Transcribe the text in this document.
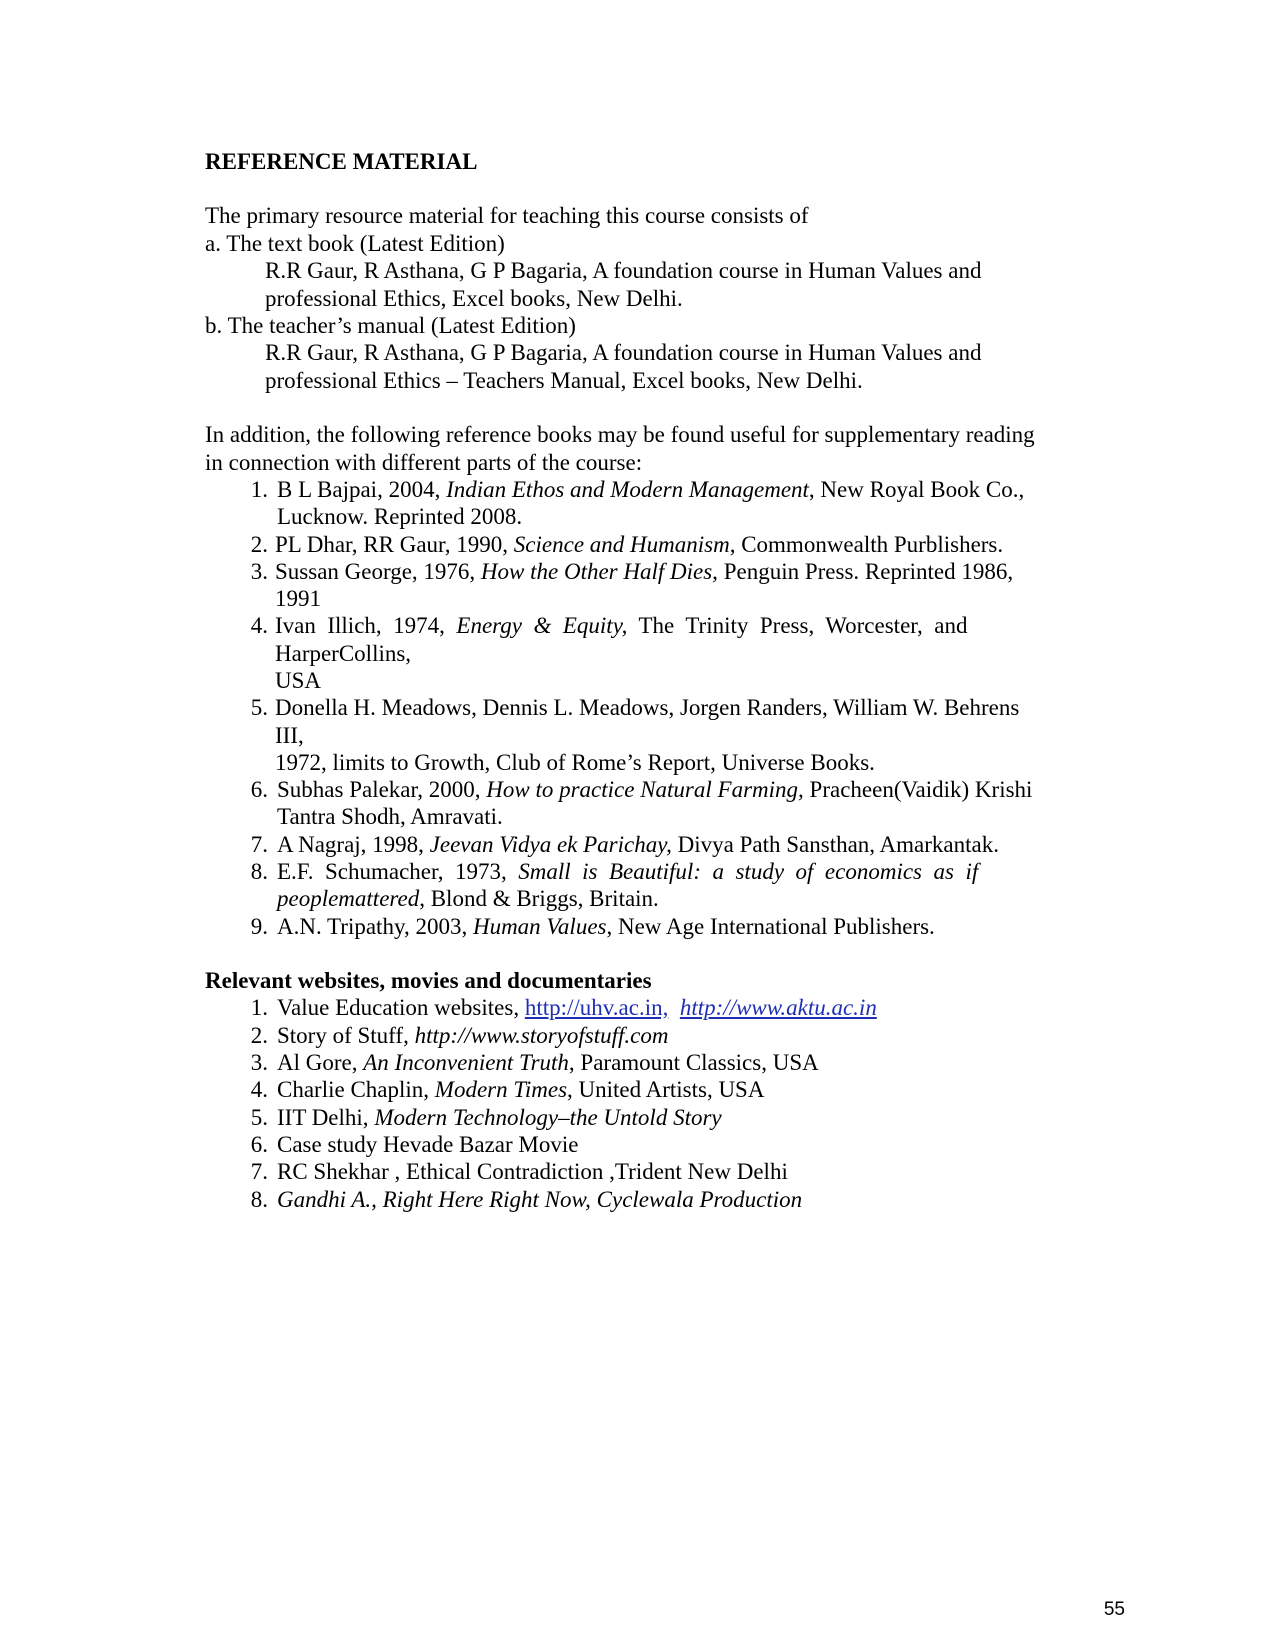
REFERENCE MATERIAL
The primary resource material for teaching this course consists of
a. The text book (Latest Edition)
R.R Gaur, R Asthana, G P Bagaria, A foundation course in Human Values and
professional Ethics, Excel books, New Delhi.
b. The teacher’s manual (Latest Edition)
R.R Gaur, R Asthana, G P Bagaria, A foundation course in Human Values and
professional Ethics – Teachers Manual, Excel books, New Delhi.
In addition, the following reference books may be found useful for supplementary reading
in connection with different parts of the course:
1. B L Bajpai, 2004, Indian Ethos and Modern Management, New Royal Book Co.,
Lucknow. Reprinted 2008.
2. PL Dhar, RR Gaur, 1990, Science and Humanism, Commonwealth Purblishers.
3. Sussan George, 1976, How the Other Half Dies, Penguin Press. Reprinted 1986,
1991
4. Ivan  Illich,  1974,  Energy  &  Equity,  The  Trinity  Press,  Worcester,  and
HarperCollins,
USA
5. Donella H. Meadows, Dennis L. Meadows, Jorgen Randers, William W. Behrens
III,
1972, limits to Growth, Club of Rome’s Report, Universe Books.
6. Subhas Palekar, 2000, How to practice Natural Farming, Pracheen(Vaidik) Krishi
Tantra Shodh, Amravati.
7. A Nagraj, 1998, Jeevan Vidya ek Parichay, Divya Path Sansthan, Amarkantak.
8. E.F.  Schumacher,  1973,  Small  is  Beautiful:  a  study  of  economics  as  if
peoplemattered, Blond & Briggs, Britain.
9. A.N. Tripathy, 2003, Human Values, New Age International Publishers.
Relevant websites, movies and documentaries
1. Value Education websites, http://uhv.ac.in, http://www.aktu.ac.in
2. Story of Stuff, http://www.storyofstuff.com
3. Al Gore, An Inconvenient Truth, Paramount Classics, USA
4. Charlie Chaplin, Modern Times, United Artists, USA
5. IIT Delhi, Modern Technology–the Untold Story
6. Case study Hevade Bazar Movie
7. RC Shekhar , Ethical Contradiction ,Trident New Delhi
8. Gandhi A., Right Here Right Now, Cyclewala Production
55
